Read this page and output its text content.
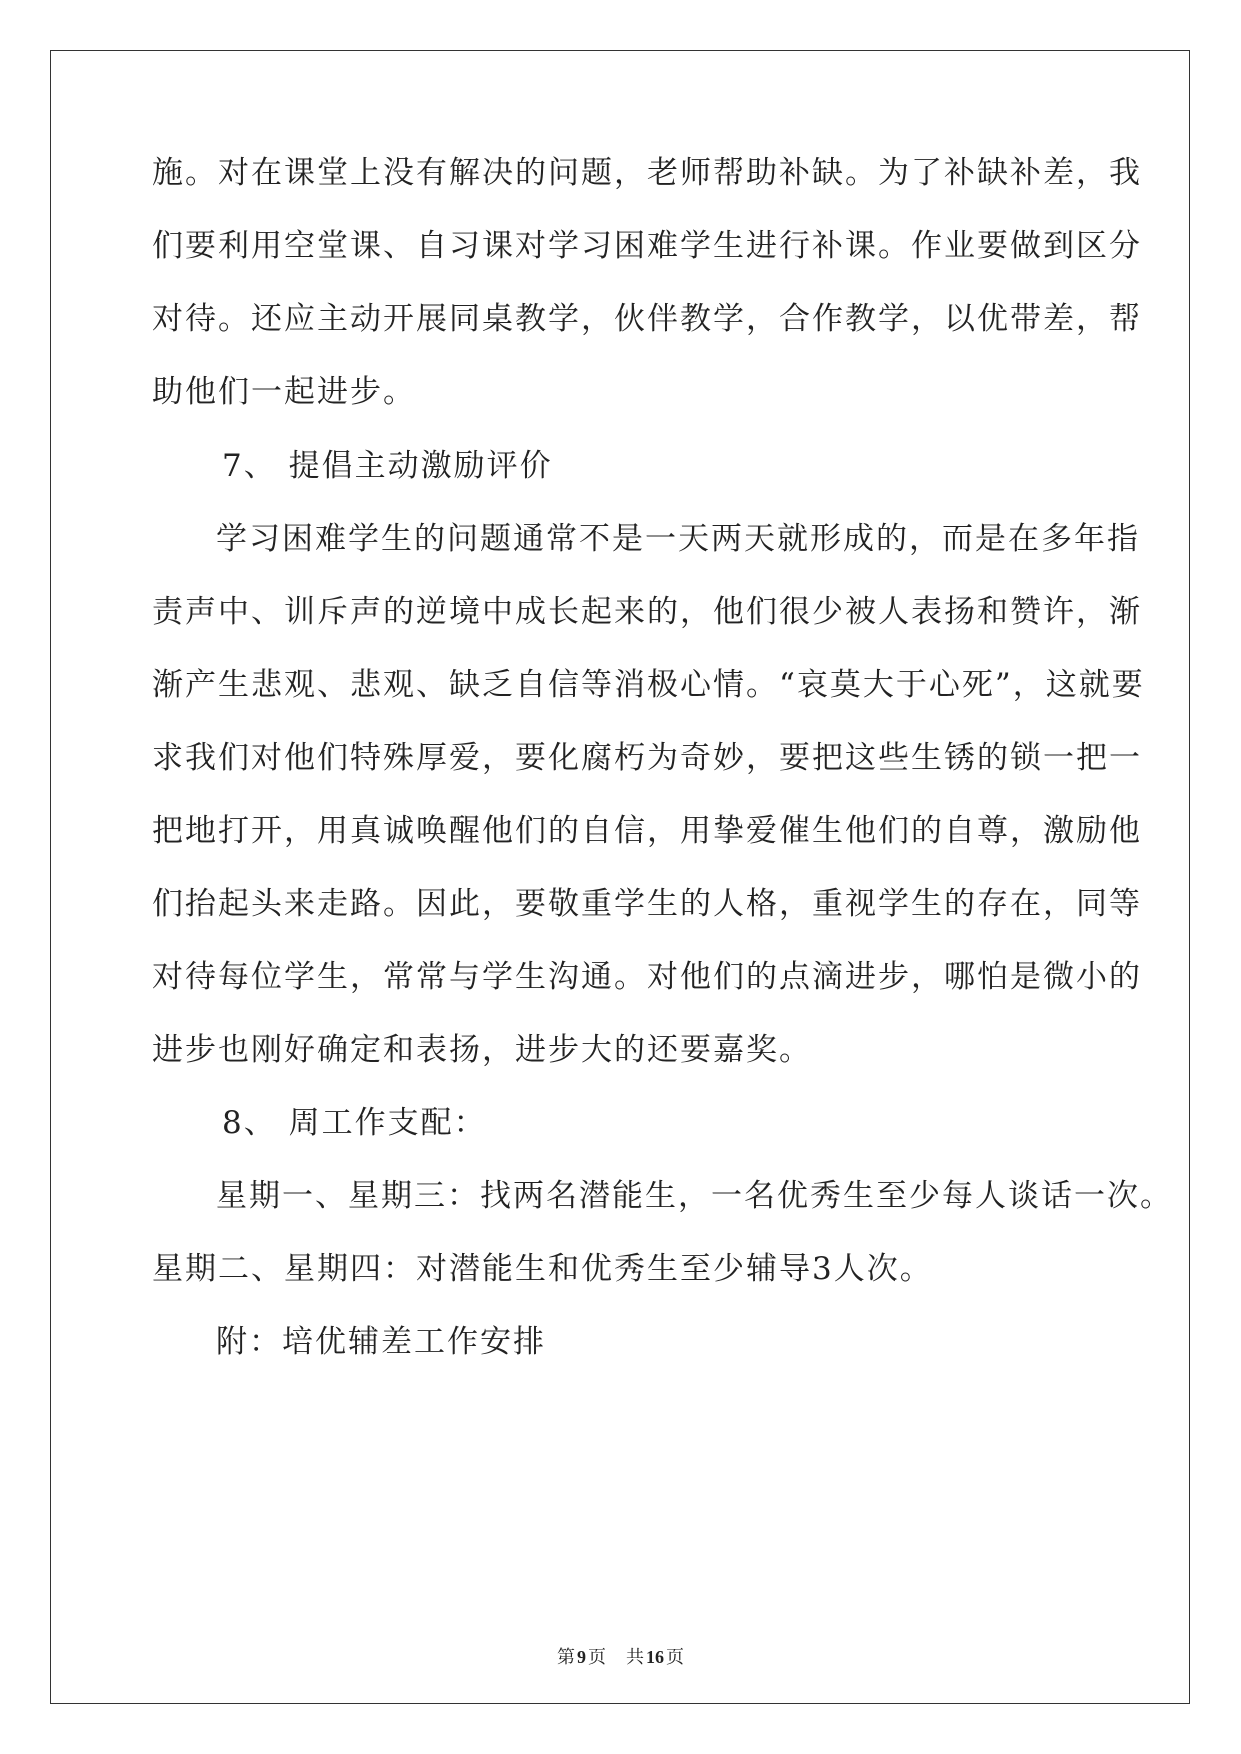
施。对在课堂上没有解决的问题，老师帮助补缺。为了补缺补差，我
们要利用空堂课、自习课对学习困难学生进行补课。作业要做到区分
对待。还应主动开展同桌教学，伙伴教学，合作教学，以优带差，帮
助他们一起进步。
7、 提倡主动激励评价
学习困难学生的问题通常不是一天两天就形成的，而是在多年指
责声中、训斥声的逆境中成长起来的，他们很少被人表扬和赞许，渐
渐产生悲观、悲观、缺乏自信等消极心情。“哀莫大于心死”，这就要
求我们对他们特殊厚爱，要化腐朽为奇妙，要把这些生锈的锁一把一
把地打开，用真诚唤醒他们的自信，用挚爱催生他们的自尊，激励他
们抬起头来走路。因此，要敬重学生的人格，重视学生的存在，同等
对待每位学生，常常与学生沟通。对他们的点滴进步，哪怕是微小的
进步也刚好确定和表扬，进步大的还要嘉奖。
8、 周工作支配：
星期一、星期三：找两名潜能生，一名优秀生至少每人谈话一次。
星期二、星期四：对潜能生和优秀生至少辅导3人次。
附：培优辅差工作安排
第 9 页 共 16 页
